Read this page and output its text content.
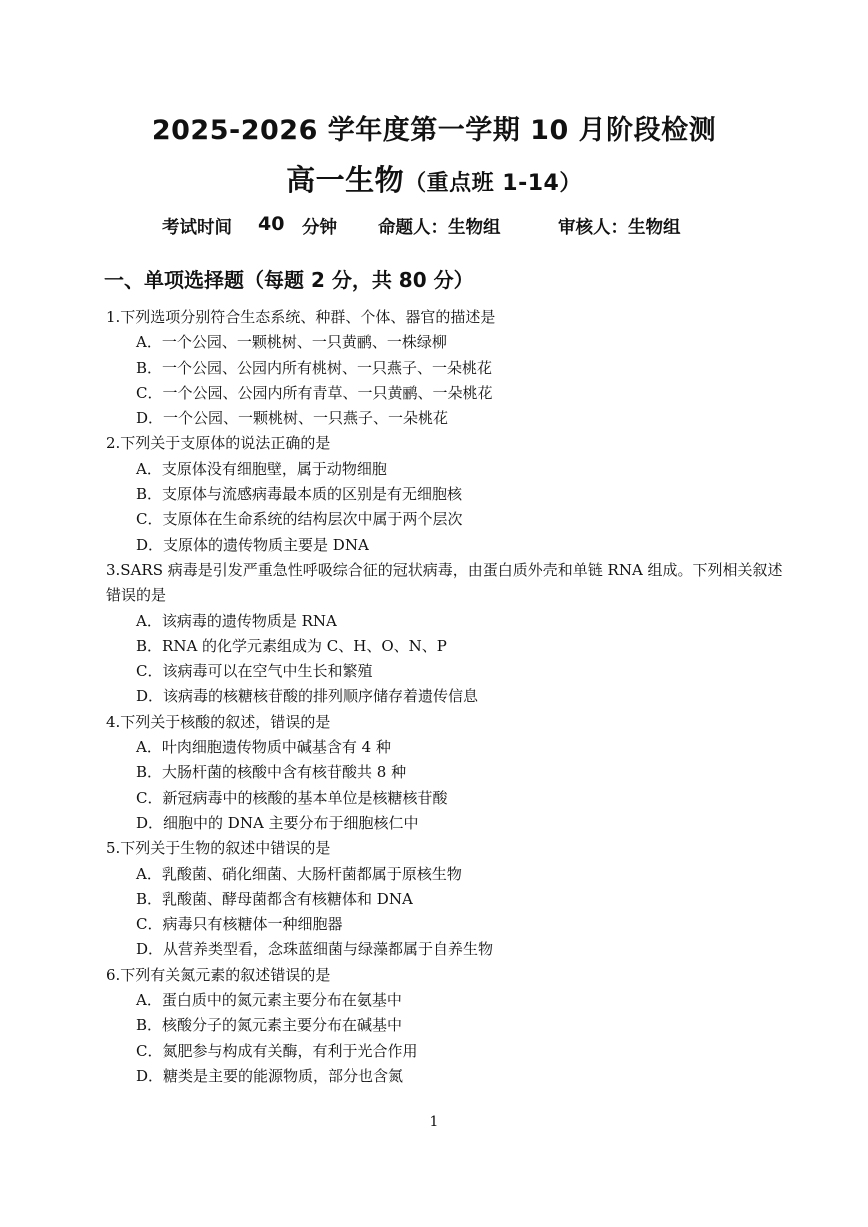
2025-2026 学年度第一学期 10 月阶段检测
高一生物（重点班 1-14）
考试时间 40 分钟 命题人：生物组	审核人：生物组
一、单项选择题（每题 2 分，共 80 分）
1.下列选项分别符合生态系统、种群、个体、器官的描述是
A．一个公园、一颗桃树、一只黄鹂、一株绿柳
B．一个公园、公园内所有桃树、一只燕子、一朵桃花
C．一个公园、公园内所有青草、一只黄鹂、一朵桃花
D．一个公园、一颗桃树、一只燕子、一朵桃花
2.下列关于支原体的说法正确的是
A．支原体没有细胞壁，属于动物细胞
B．支原体与流感病毒最本质的区别是有无细胞核
C．支原体在生命系统的结构层次中属于两个层次
D．支原体的遗传物质主要是 DNA
3.SARS 病毒是引发严重急性呼吸综合征的冠状病毒，由蛋白质外壳和单链 RNA 组成。下列相关叙述错误的是
A．该病毒的遗传物质是 RNA
B．RNA 的化学元素组成为 C、H、O、N、P
C．该病毒可以在空气中生长和繁殖
D．该病毒的核糖核苷酸的排列顺序储存着遗传信息
4.下列关于核酸的叙述，错误的是
A．叶肉细胞遗传物质中碱基含有 4 种
B．大肠杆菌的核酸中含有核苷酸共 8 种
C．新冠病毒中的核酸的基本单位是核糖核苷酸
D．细胞中的 DNA 主要分布于细胞核仁中
5.下列关于生物的叙述中错误的是
A．乳酸菌、硝化细菌、大肠杆菌都属于原核生物
B．乳酸菌、酵母菌都含有核糖体和 DNA
C．病毒只有核糖体一种细胞器
D．从营养类型看，念珠蓝细菌与绿藻都属于自养生物
6.下列有关氮元素的叙述错误的是
A．蛋白质中的氮元素主要分布在氨基中
B．核酸分子的氮元素主要分布在碱基中
C．氮肥参与构成有关酶，有利于光合作用
D．糖类是主要的能源物质，部分也含氮
1
